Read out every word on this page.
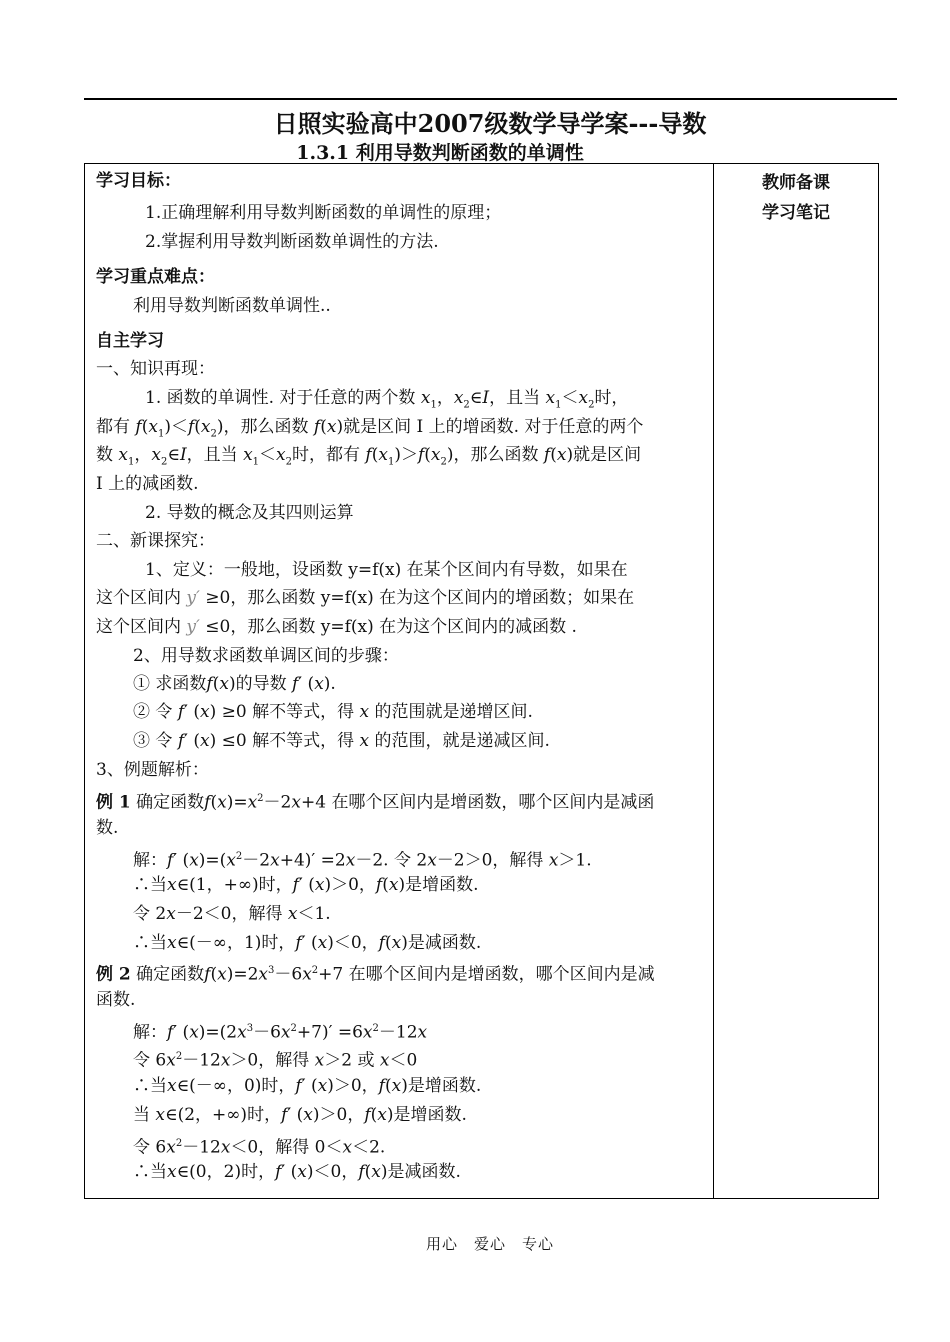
日照实验高中2007级数学导学案---导数
1.3.1 利用导数判断函数的单调性
教师备课
学习笔记
学习目标：
1.正确理解利用导数判断函数的单调性的原理；
2.掌握利用导数判断函数单调性的方法.
学习重点难点：
利用导数判断函数单调性..
自主学习
一、知识再现：
1. 函数的单调性. 对于任意的两个数 $x_1$，$x_2\in I$，且当 $x_1<x_2$时，
都有 $f(x_1)<f(x_2)$，那么函数 f(x)就是区间 I 上的增函数. 对于任意的两个
数 $x_1$，$x_2\in I$，且当 $x_1<x_2$时，都有 $f(x_1)>f(x_2)$，那么函数 f(x)就是区间
I 上的减函数.
2. 导数的概念及其四则运算
二、新课探究：
1、定义：一般地，设函数 y=f(x) 在某个区间内有导数，如果在
这个区间内 y′ ≥0，那么函数 y=f(x) 在为这个区间内的增函数；如果在
这个区间内 y′ ≤0，那么函数 y=f(x) 在为这个区间内的减函数 .
2、用导数求函数单调区间的步骤：
① 求函数f(x)的导数 f′ (x).
② 令 f′ (x) ≥0 解不等式，得 x 的范围就是递增区间.
③ 令 f′ (x) ≤0 解不等式，得 x 的范围，就是递减区间.
3、例题解析：
例 1 确定函数$f(x)=x^2-2x+4$ 在哪个区间内是增函数，哪个区间内是减函
数.
解：f′ $(x)=(x^2-2x+4)' =2x-2$. 令 2x－2＞0，解得 x＞1.
∴当x∈(1，+∞)时，f′ (x)＞0，f(x)是增函数.
令 2x－2＜0，解得 x＜1.
∴当x∈(－∞，1)时，f′ (x)＜0，f(x)是减函数.
例 2 确定函数$f(x)=2x^3-6x^2+7$ 在哪个区间内是增函数，哪个区间内是减
函数.
解：f′ $(x)=(2x^3-6x^2+7)' =6x^2-12x$
令 $6x^2-12x>0$，解得 x＞2 或 x＜0
∴当x∈(－∞，0)时，f′ (x)＞0，f(x)是增函数.
当 x∈(2，+∞)时，f′ (x)＞0，f(x)是增函数.
令 $6x^2-12x<0$，解得 0＜x＜2.
∴当x∈(0，2)时，f′ (x)＜0，f(x)是减函数.
用心　爱心　专心
